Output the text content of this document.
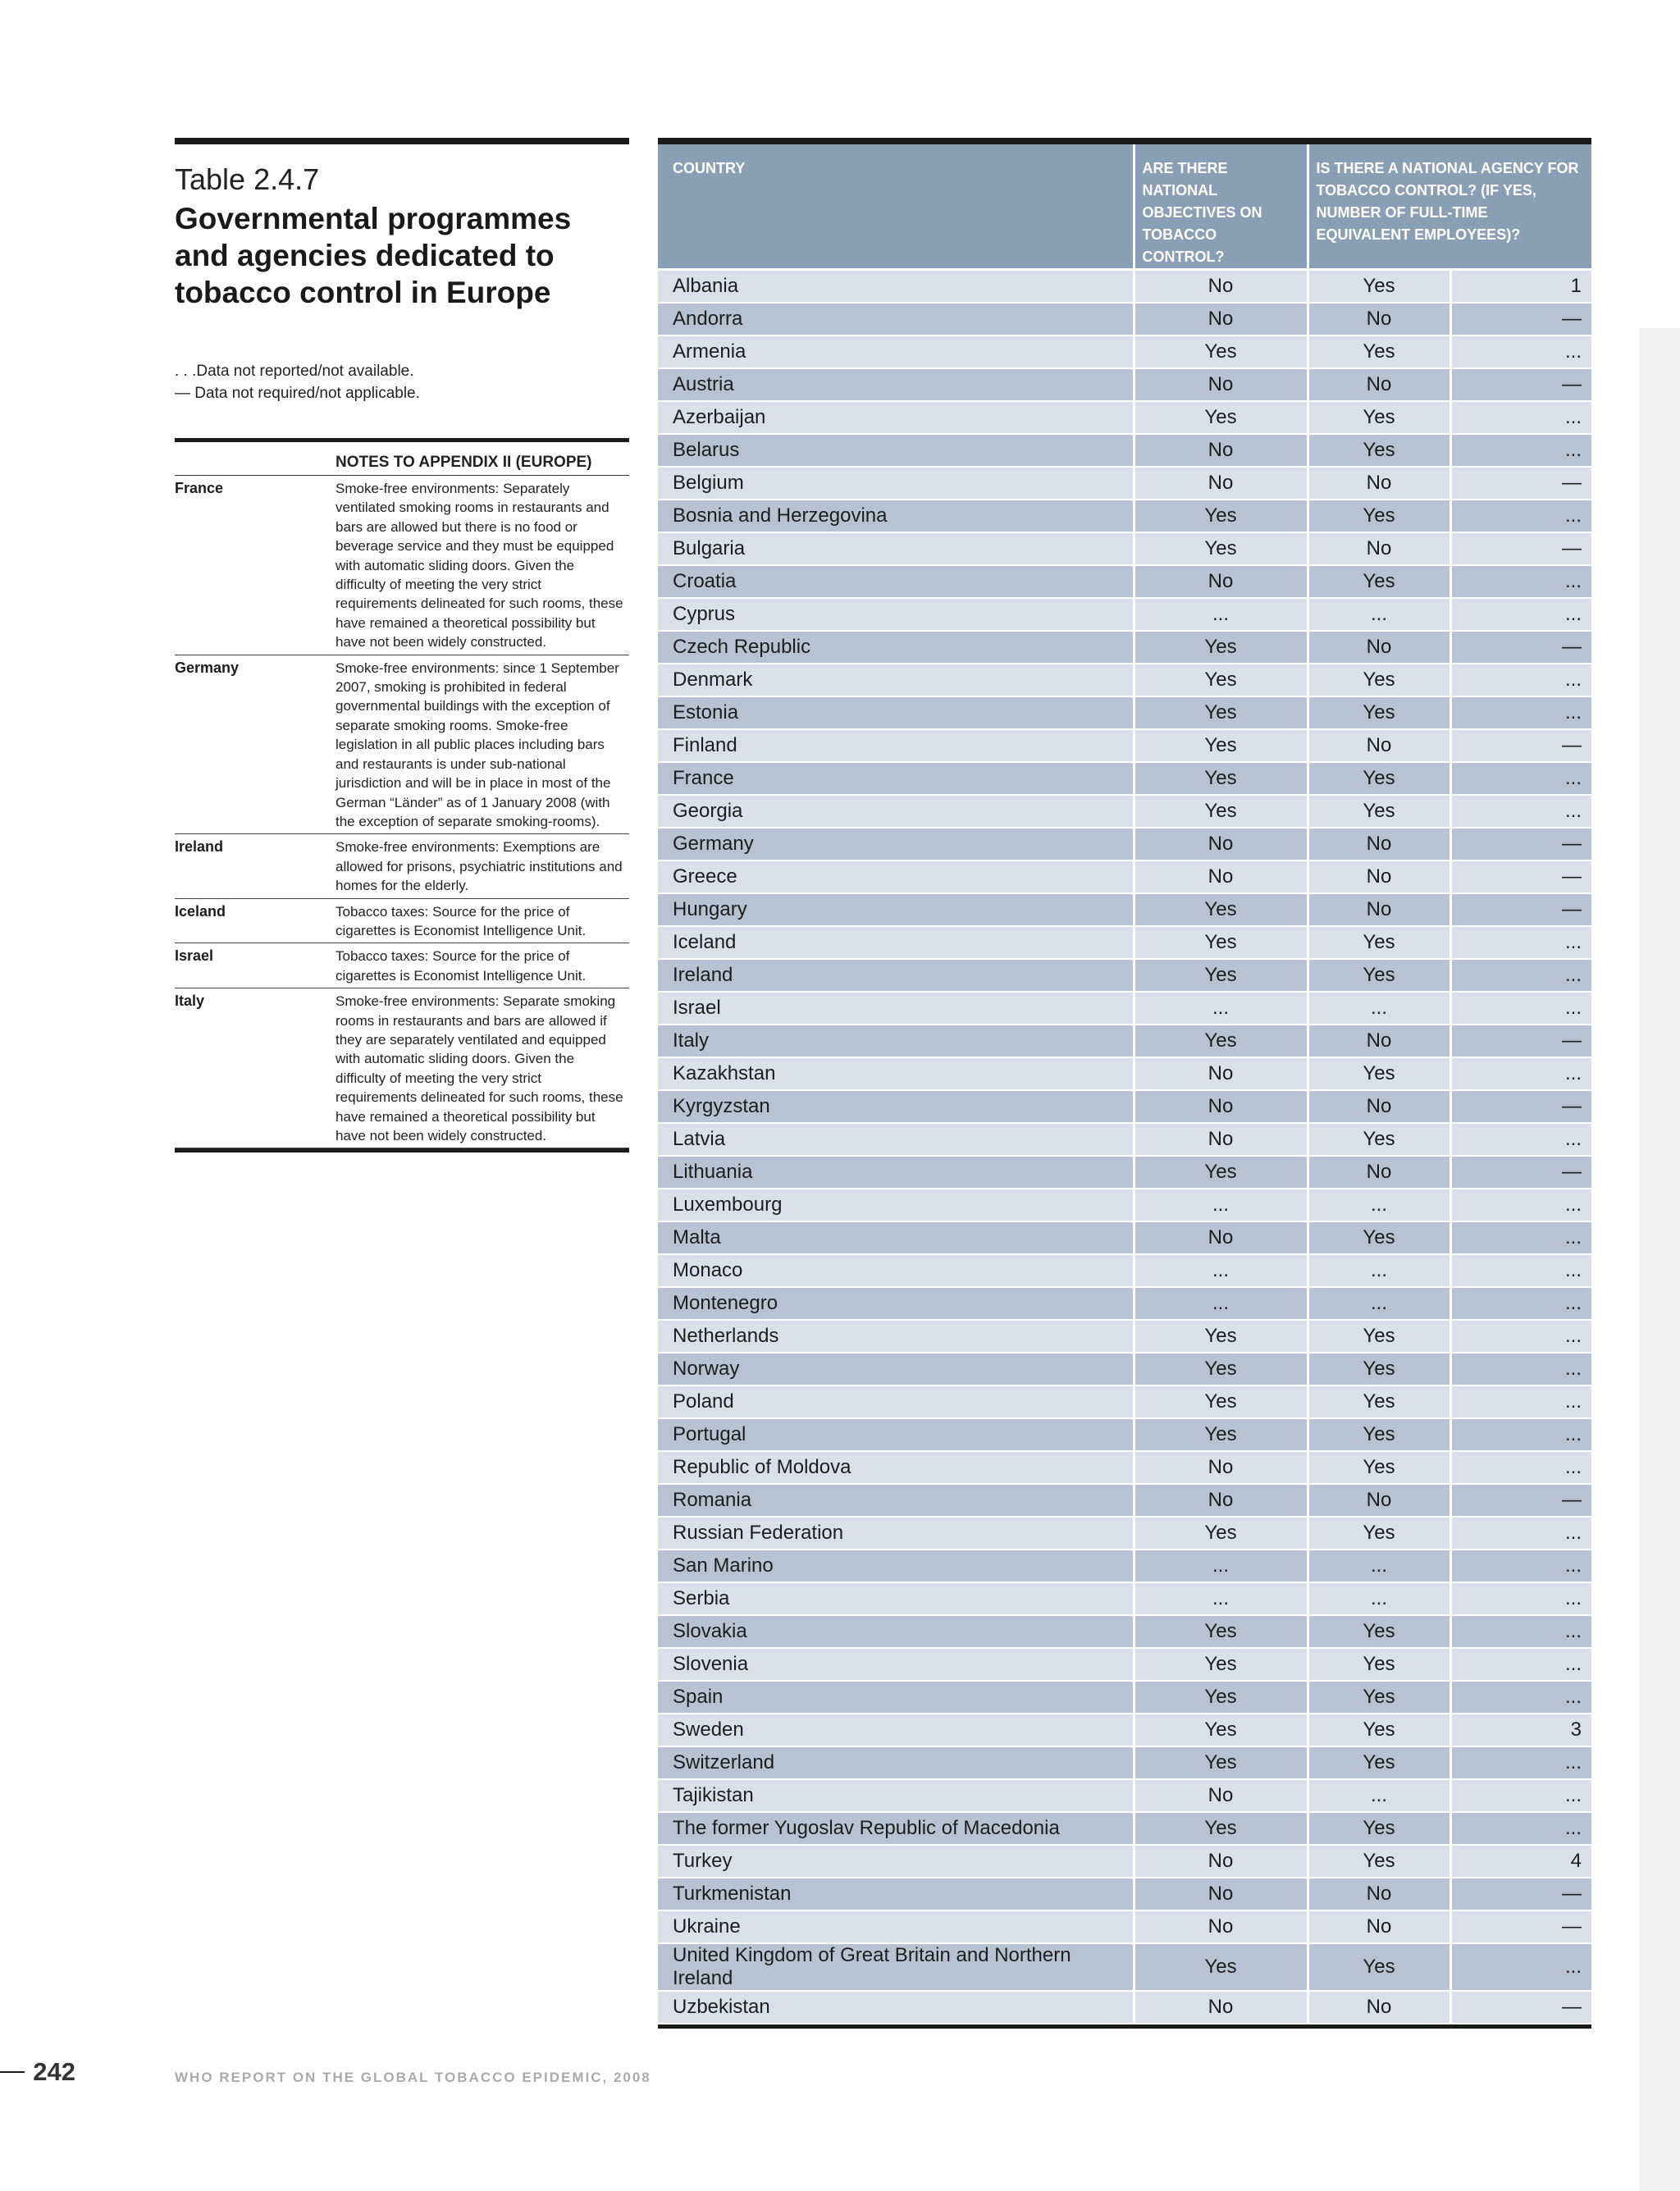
Table 2.4.7
Governmental programmes and agencies dedicated to tobacco control in Europe
. . .Data not reported/not available.
— Data not required/not applicable.
NOTES TO APPENDIX II (EUROPE)
France	Smoke-free environments: Separately ventilated smoking rooms in restaurants and bars are allowed but there is no food or beverage service and they must be equipped with automatic sliding doors. Given the difficulty of meeting the very strict requirements delineated for such rooms, these have remained a theoretical possibility but have not been widely constructed.
Germany	Smoke-free environments: since 1 September 2007, smoking is prohibited in federal governmental buildings with the exception of separate smoking rooms. Smoke-free legislation in all public places including bars and restaurants is under sub-national jurisdiction and will be in place in most of the German “Länder” as of 1 January 2008 (with the exception of separate smoking-rooms).
Ireland	Smoke-free environments: Exemptions are allowed for prisons, psychiatric institutions and homes for the elderly.
Iceland	Tobacco taxes: Source for the price of cigarettes is Economist Intelligence Unit.
Israel	Tobacco taxes: Source for the price of cigarettes is Economist Intelligence Unit.
Italy	Smoke-free environments: Separate smoking rooms in restaurants and bars are allowed if they are separately ventilated and equipped with automatic sliding doors. Given the difficulty of meeting the very strict requirements delineated for such rooms, these have remained a theoretical possibility but have not been widely constructed.
COUNTRY	ARE THERE NATIONAL OBJECTIVES ON TOBACCO CONTROL?	IS THERE A NATIONAL AGENCY FOR TOBACCO CONTROL? (IF YES, NUMBER OF FULL-TIME EQUIVALENT EMPLOYEES)?	
Albania	No	Yes	1
Andorra	No	No	—
Armenia	Yes	Yes	...
Austria	No	No	—
Azerbaijan	Yes	Yes	...
Belarus	No	Yes	...
Belgium	No	No	—
Bosnia and Herzegovina	Yes	Yes	...
Bulgaria	Yes	No	—
Croatia	No	Yes	...
Cyprus	...	...	...
Czech Republic	Yes	No	—
Denmark	Yes	Yes	...
Estonia	Yes	Yes	...
Finland	Yes	No	—
France	Yes	Yes	...
Georgia	Yes	Yes	...
Germany	No	No	—
Greece	No	No	—
Hungary	Yes	No	—
Iceland	Yes	Yes	...
Ireland	Yes	Yes	...
Israel	...	...	...
Italy	Yes	No	—
Kazakhstan	No	Yes	...
Kyrgyzstan	No	No	—
Latvia	No	Yes	...
Lithuania	Yes	No	—
Luxembourg	...	...	...
Malta	No	Yes	...
Monaco	...	...	...
Montenegro	...	...	...
Netherlands	Yes	Yes	...
Norway	Yes	Yes	...
Poland	Yes	Yes	...
Portugal	Yes	Yes	...
Republic of Moldova	No	Yes	...
Romania	No	No	—
Russian Federation	Yes	Yes	...
San Marino	...	...	...
Serbia	...	...	...
Slovakia	Yes	Yes	...
Slovenia	Yes	Yes	...
Spain	Yes	Yes	...
Sweden	Yes	Yes	3
Switzerland	Yes	Yes	...
Tajikistan	No	...	...
The former Yugoslav Republic of Macedonia	Yes	Yes	...
Turkey	No	Yes	4
Turkmenistan	No	No	—
Ukraine	No	No	—
United Kingdom of Great Britain and Northern Ireland	Yes	Yes	...
Uzbekistan	No	No	—
242	WHO REPORT ON THE GLOBAL TOBACCO EPIDEMIC, 2008
